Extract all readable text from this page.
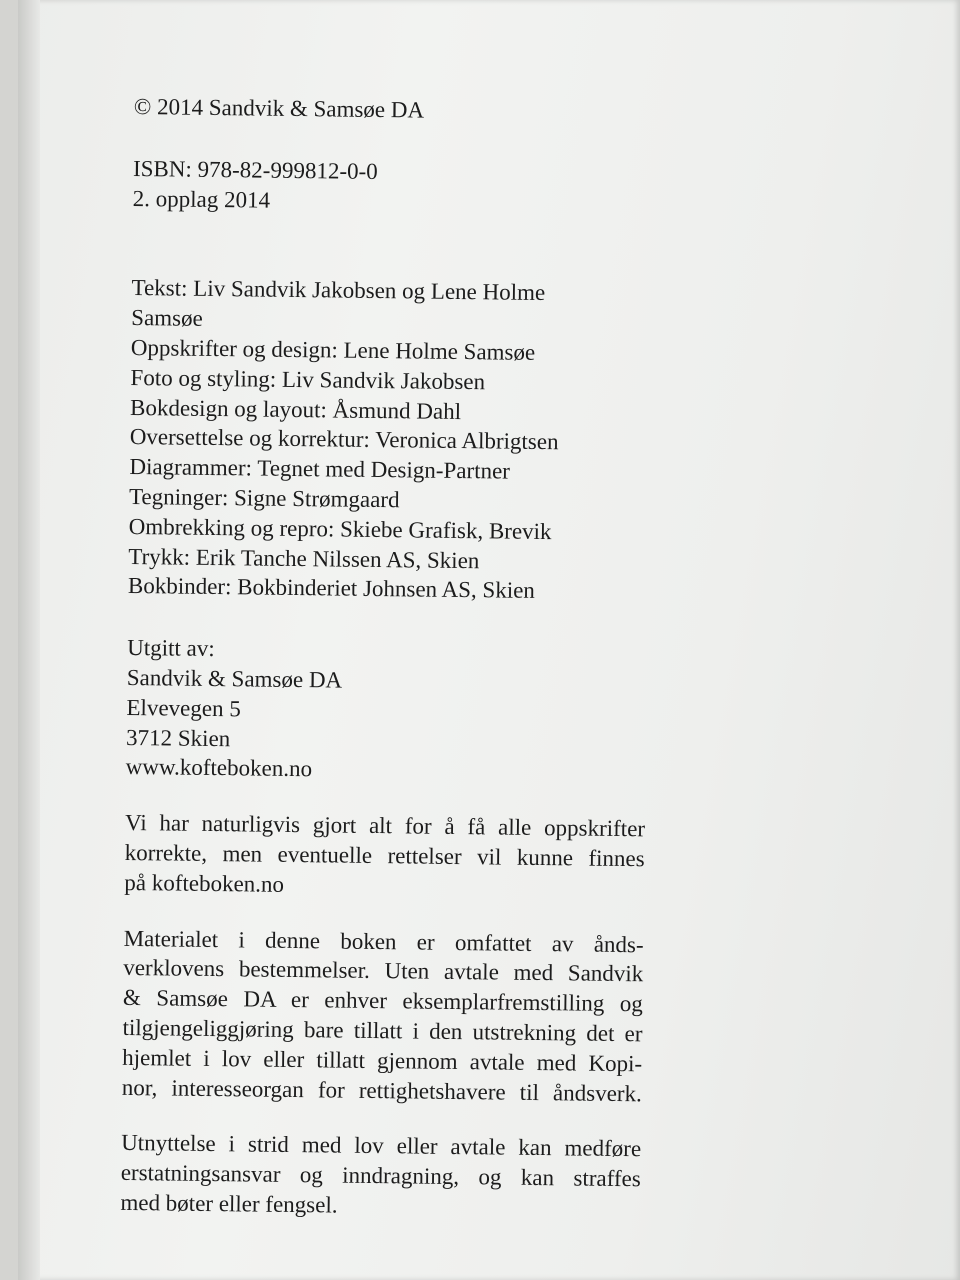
© 2014 Sandvik & Samsøe DA
ISBN: 978-82-999812-0-0
2. opplag 2014
Tekst: Liv Sandvik Jakobsen og Lene Holme
Samsøe
Oppskrifter og design: Lene Holme Samsøe
Foto og styling: Liv Sandvik Jakobsen
Bokdesign og layout: Åsmund Dahl
Oversettelse og korrektur: Veronica Albrigtsen
Diagrammer: Tegnet med Design-Partner
Tegninger: Signe Strømgaard
Ombrekking og repro: Skiebe Grafisk, Brevik
Trykk: Erik Tanche Nilssen AS, Skien
Bokbinder: Bokbinderiet Johnsen AS, Skien
Utgitt av:
Sandvik & Samsøe DA
Elvevegen 5
3712 Skien
www.kofteboken.no

Vi har naturligvis gjort alt for å få alle oppskrifter
korrekte, men eventuelle rettelser vil kunne finnes
på kofteboken.no

Materialet i denne boken er omfattet av ånds-
verklovens bestemmelser. Uten avtale med Sandvik
& Samsøe DA er enhver eksemplarfremstilling og
tilgjengeliggjøring bare tillatt i den utstrekning det er
hjemlet i lov eller tillatt gjennom avtale med Kopi-
nor, interesseorgan for rettighetshavere til åndsverk.

Utnyttelse i strid med lov eller avtale kan medføre
erstatningsansvar og inndragning, og kan straffes
med bøter eller fengsel.
